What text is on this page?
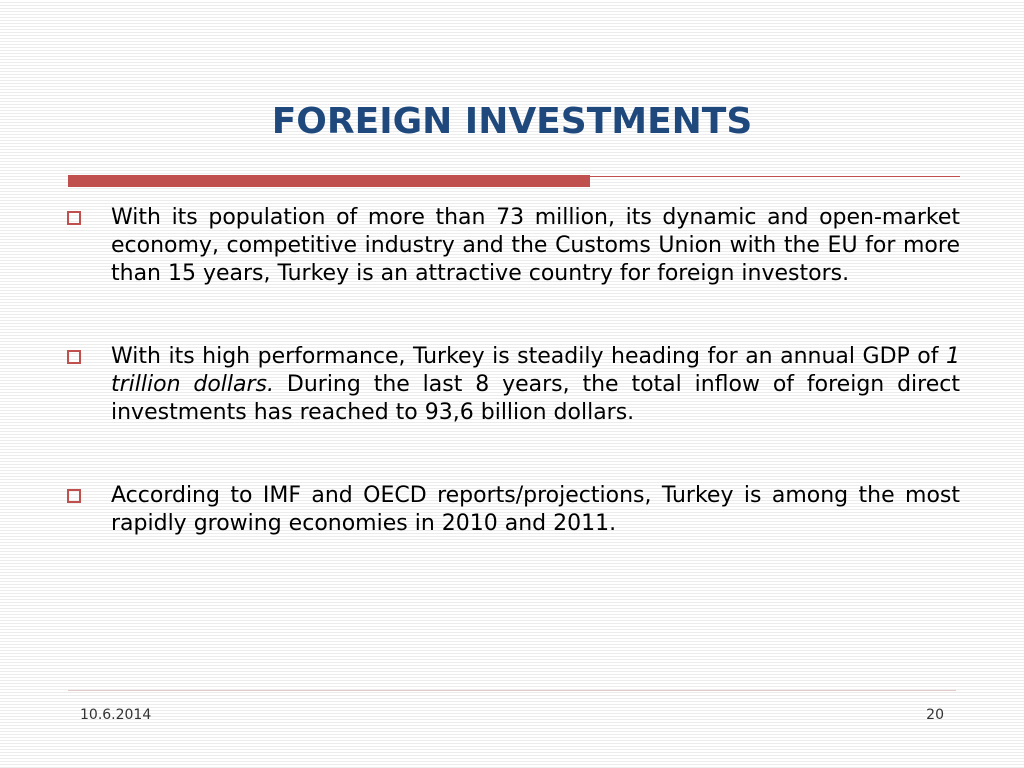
FOREIGN INVESTMENTS
With its population of more than 73 million, its dynamic and open-market economy, competitive industry and the Customs Union with the EU for more than 15 years, Turkey is an attractive country for foreign investors.
With its high performance, Turkey is steadily heading for an annual GDP of 1 trillion dollars. During the last 8 years, the total inflow of foreign direct investments has reached to 93,6 billion dollars.
According to IMF and OECD reports/projections, Turkey is among the most rapidly growing economies in 2010 and 2011.
10.6.2014	20
